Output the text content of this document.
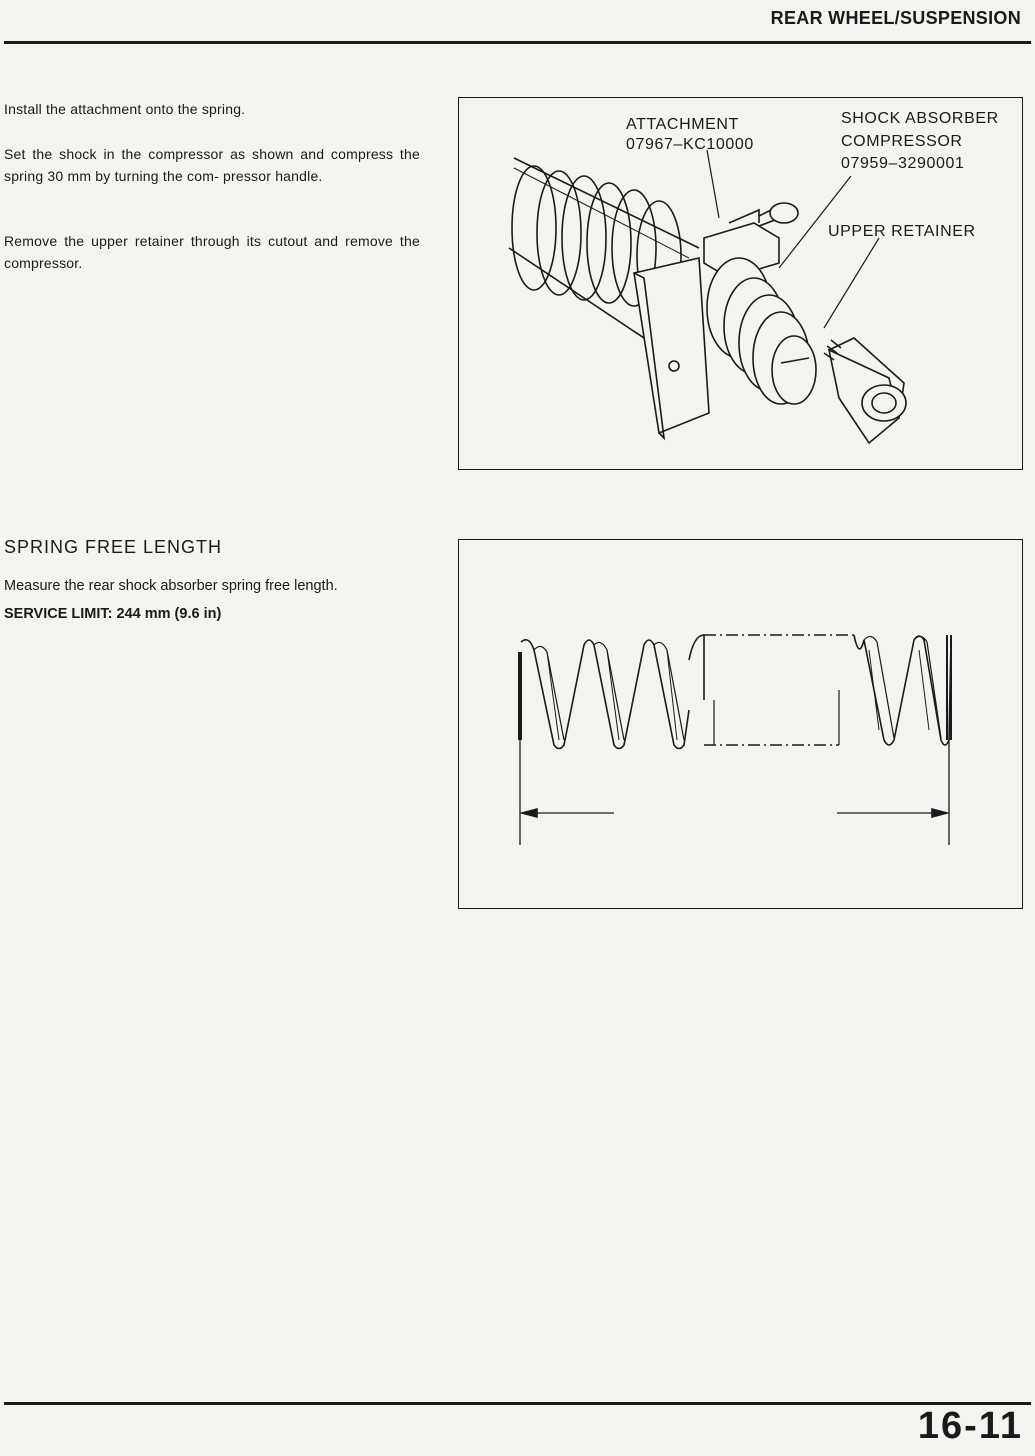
REAR WHEEL/SUSPENSION
Install the attachment onto the spring.
Set the shock in the compressor as shown and compress the spring 30 mm by turning the com- pressor handle.
Remove the upper retainer through its cutout and remove the compressor.
ATTACHMENT
07967–KC10000
SHOCK ABSORBER
COMPRESSOR
07959–3290001
UPPER RETAINER
SPRING FREE LENGTH
Measure the rear shock absorber spring free length.
SERVICE LIMIT: 244 mm (9.6 in)
16-11
